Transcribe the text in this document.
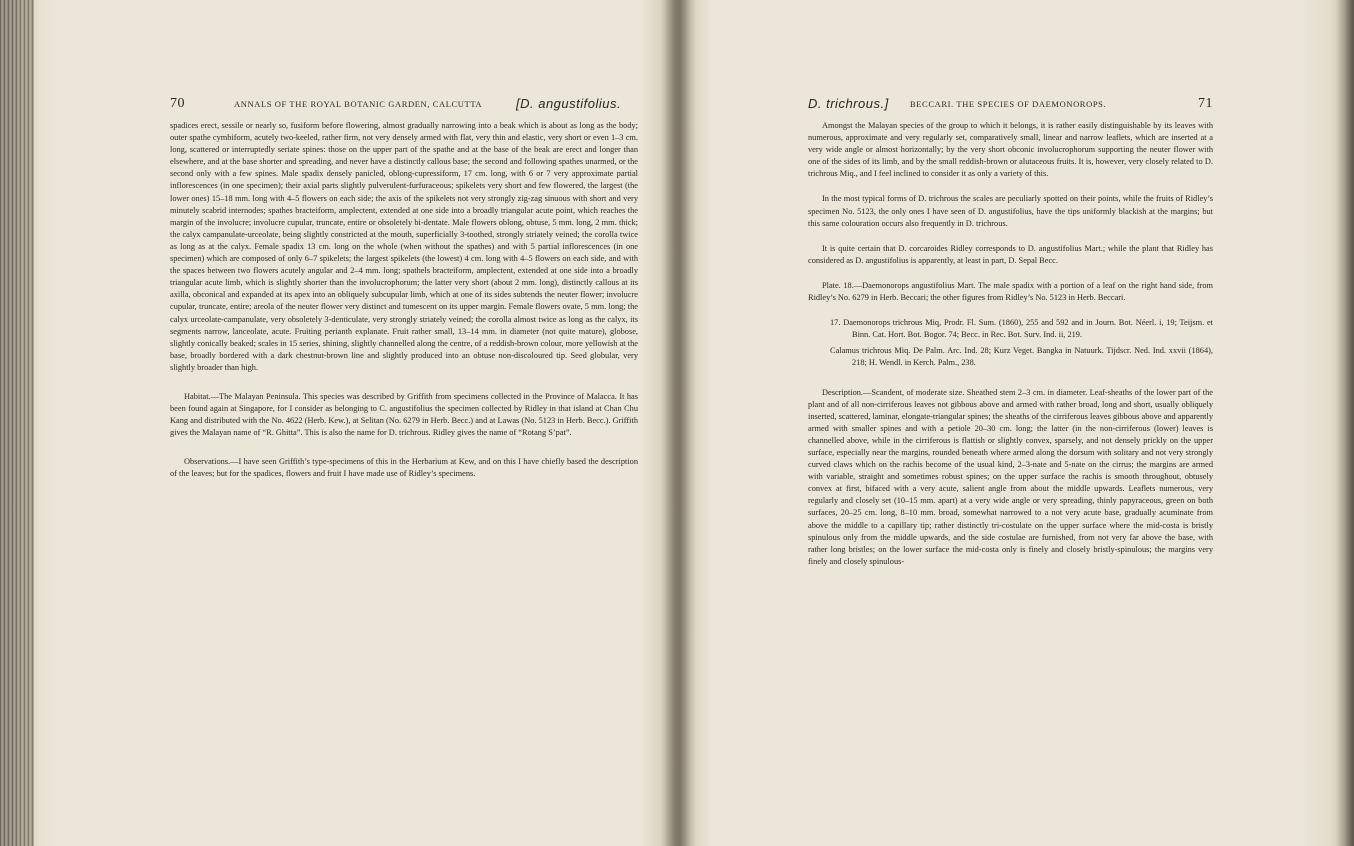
70	ANNALS OF THE ROYAL BOTANIC GARDEN, CALCUTTA	[D. angustifolius.

spadices erect, sessile or nearly so, fusiform before flowering, almost gradually narrowing into a beak which is about as long as the body; outer spathe cymbiform, acutely two-keeled, rather firm, not very densely armed with flat, very thin and elastic, very short or even 1–3 cm. long, scattered or interruptedly seriate spines: those on the upper part of the spathe and at the base of the beak are erect and longer than elsewhere, and at the base shorter and spreading, and never have a distinctly callous base; the second and following spathes unarmed, or the second only with a few spines. Male spadix densely panicled, oblong-cupressiform, 17 cm. long, with 6 or 7 very approximate partial inflorescences (in one specimen); their axial parts slightly pulverulent-furfuraceous; spikelets very short and few flowered, the largest (the lower ones) 15–18 mm. long with 4–5 flowers on each side; the axis of the spikelets not very strongly zig-zag sinuous with short and very minutely scabrid internodes; spathes bracteiform, amplectent, extended at one side into a broadly triangular acute point, which reaches the margin of the involucre; involucre cupular, truncate, entire or obsoletely bi-dentate. Male flowers oblong, obtuse, 5 mm. long, 2 mm. thick; the calyx campanulate-urceolate, being slightly constricted at the mouth, superficially 3-toothed, strongly striately veined; the corolla twice as long as at the calyx. Female spadix 13 cm. long on the whole (when without the spathes) and with 5 partial inflorescences (in one specimen) which are composed of only 6–7 spikelets; the largest spikelets (the lowest) 4 cm. long with 4–5 flowers on each side, and with the spaces between two flowers acutely angular and 2–4 mm. long; spathels bracteiform, amplectent, extended at one side into a broadly triangular acute limb, which is slightly shorter than the involucrophorum; the latter very short (about 2 mm. long), distinctly callous at its axilla, obconical and expanded at its apex into an obliquely subcupular limb, which at one of its sides subtends the neuter flower; involucre cupular, truncate, entire; areola of the neuter flower very distinct and tumescent on its upper margin. Female flowers ovate, 5 mm. long; the calyx urceolate-campanulate, very obsoletely 3-denticulate, very strongly striately veined; the corolla almost twice as long as the calyx, its segments narrow, lanceolate, acute. Fruiting perianth explanate. Fruit rather small, 13–14 mm. in diameter (not quite mature), globose, slightly conically beaked; scales in 15 series, shining, slightly channelled along the centre, of a reddish-brown colour, more yellowish at the base, broadly bordered with a dark chestnut-brown line and slightly produced into an obtuse non-discoloured tip. Seed globular, very slightly broader than high.

Habitat.—The Malayan Peninsula. This species was described by Griffith from specimens collected in the Province of Malacca. It has been found again at Singapore, for I consider as belonging to C. angustifolius the specimen collected by Ridley in that island at Chan Chu Kang and distributed with the No. 4622 (Herb. Kew.), at Selitan (No. 6279 in Herb. Becc.) and at Lawas (No. 5123 in Herb. Becc.). Griffith gives the Malayan name of “R. Ghitta”. This is also the name for D. trichrous. Ridley gives the name of “Rotang S’pat”.

Observations.—I have seen Griffith’s type-specimens of this in the Herbarium at Kew, and on this I have chiefly based the description of the leaves; but for the spadices, flowers and fruit I have made use of Ridley’s specimens.

D. trichrous.]	BECCARI. THE SPECIES OF DAEMONOROPS.	71

Amongst the Malayan species of the group to which it belongs, it is rather easily distinguishable by its leaves with numerous, approximate and very regularly set, comparatively small, linear and narrow leaflets, which are inserted at a very wide angle or almost horizontally; by the very short obconic involucrophorum supporting the neuter flower with one of the sides of its limb, and by the small reddish-brown or alutaceous fruits. It is, however, very closely related to D. trichrous Miq., and I feel inclined to consider it as only a variety of this.

In the most typical forms of D. trichrous the scales are peculiarly spotted on their points, while the fruits of Ridley’s specimen No. 5123, the only ones I have seen of D. angustifolius, have the tips uniformly blackish at the margins; but this same colouration occurs also frequently in D. trichrous.

It is quite certain that D. corcaroides Ridley corresponds to D. angustifolius Mart.; while the plant that Ridley has considered as D. angustifolius is apparently, at least in part, D. Sepal Becc.

Plate. 18.—Daemonorops angustifolius Mart. The male spadix with a portion of a leaf on the right hand side, from Ridley’s No. 6279 in Herb. Beccari; the other figures from Ridley’s No. 5123 in Herb. Beccari.

17. Daemonorops trichrous Miq, Prodr. Fl. Sum. (1860), 255 and 592 and in Journ. Bot. Néerl. i, 19; Teijsm. et Binn. Cat. Hort. Bot. Bogor. 74; Becc. in Rec. Bot. Surv. Ind. ii, 219.

Calamus trichrous Miq. De Palm. Arc. Ind. 28; Kurz Veget. Bangka in Natuurk. Tijdscr. Ned. Ind. xxvii (1864), 218; H. Wendl. in Kerch. Palm., 238.

Description.—Scandent, of moderate size. Sheathed stem 2–3 cm. in diameter. Leaf-sheaths of the lower part of the plant and of all non-cirriferous leaves not gibbous above and armed with rather broad, long and short, usually obliquely inserted, scattered, laminar, elongate-triangular spines; the sheaths of the cirriferous leaves gibbous above and apparently armed with smaller spines and with a petiole 20–30 cm. long; the latter (in the non-cirriferous (lower) leaves is channelled above, while in the cirriferous is flattish or slightly convex, sparsely, and not densely prickly on the upper surface, especially near the margins, rounded beneath where armed along the dorsum with solitary and not very strongly curved claws which on the rachis become of the usual kind, 2–3-nate and 5-nate on the cirrus; the margins are armed with variable, straight and sometimes robust spines; on the upper surface the rachis is smooth throughout, obtusely convex at first, bifaced with a very acute, salient angle from about the middle upwards. Leaflets numerous, very regularly and closely set (10–15 mm. apart) at a very wide angle or very spreading, thinly papyraceous, green on both surfaces, 20–25 cm. long, 8–10 mm. broad, somewhat narrowed to a not very acute base, gradually acuminate from above the middle to a capillary tip; rather distinctly tri-costulate on the upper surface where the mid-costa is bristly spinulous only from the middle upwards, and the side costulae are furnished, from not very far above the base, with rather long bristles; on the lower surface the mid-costa only is finely and closely bristly-spinulous; the margins very finely and closely spinulous-
